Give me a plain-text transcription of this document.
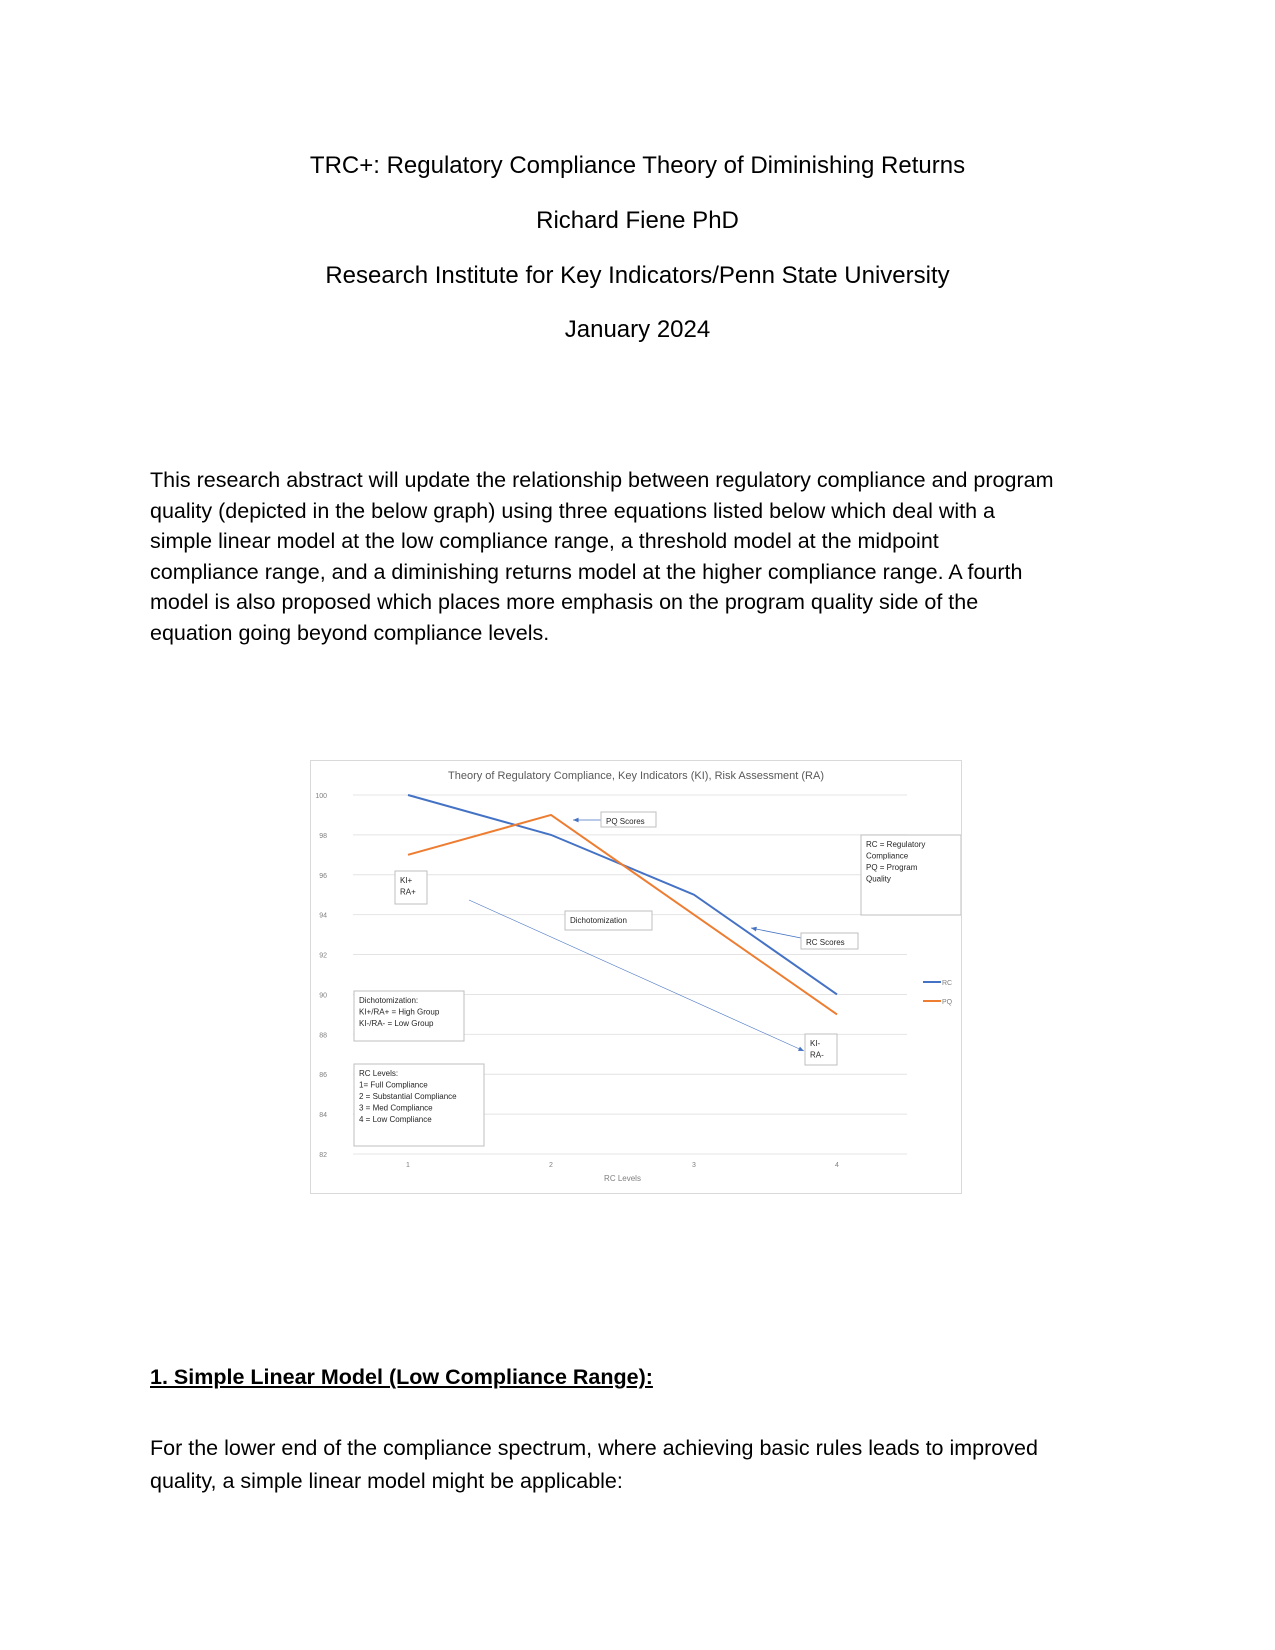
TRC+: Regulatory Compliance Theory of Diminishing Returns
Richard Fiene PhD
Research Institute for Key Indicators/Penn State University
January 2024
This research abstract will update the relationship between regulatory compliance and program
quality (depicted in the below graph) using three equations listed below which deal with a
simple linear model at the low compliance range, a threshold model at the midpoint
compliance range, and a diminishing returns model at the higher compliance range. A fourth
model is also proposed which places more emphasis on the program quality side of the
equation going beyond compliance levels.
Theory of Regulatory Compliance, Key Indicators (KI), Risk Assessment (RA)
100
98
96
94
92
90
88
86
84
82
1	2	3	4
RC Levels
RC
PQ
PQ Scores
RC Scores
Dichotomization
KI+
RA+
KI-
RA-
RC = Regulatory
Compliance
PQ = Program
Quality
Dichotomization:
KI+/RA+ = High Group
KI-/RA- = Low Group
RC Levels:
1= Full Compliance
2 = Substantial Compliance
3 = Med Compliance
4 = Low Compliance
1. Simple Linear Model (Low Compliance Range):
For the lower end of the compliance spectrum, where achieving basic rules leads to improved
quality, a simple linear model might be applicable:
